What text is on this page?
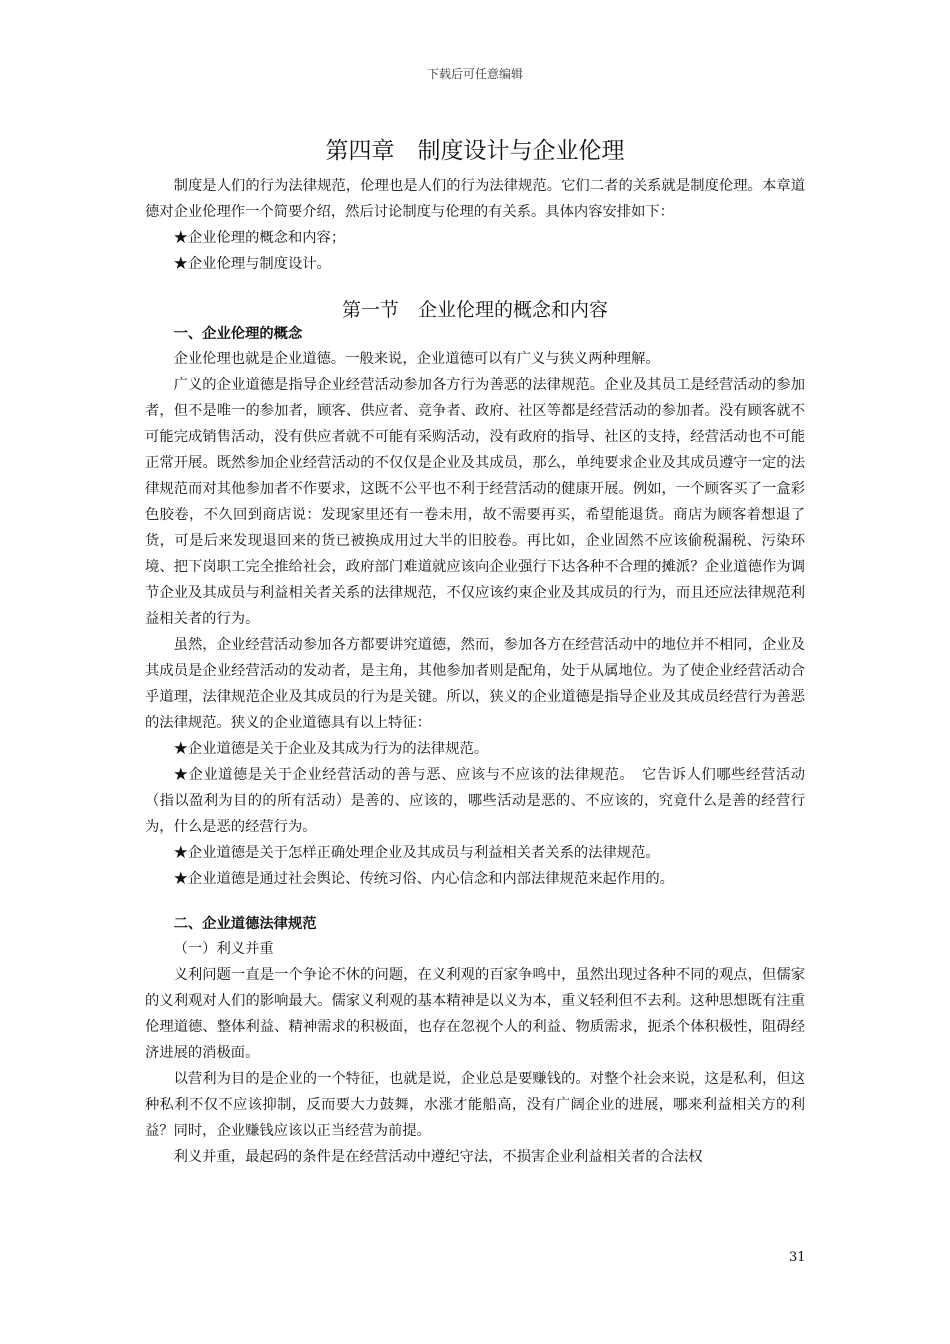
下载后可任意编辑
第四章　制度设计与企业伦理

制度是人们的行为法律规范，伦理也是人们的行为法律规范。它们二者的关系就是制度伦理。本章道德对企业伦理作一个简要介绍，然后讨论制度与伦理的有关系。具体内容安排如下：

★企业伦理的概念和内容；

★企业伦理与制度设计。

第一节　企业伦理的概念和内容
一、企业伦理的概念

企业伦理也就是企业道德。一般来说，企业道德可以有广义与狭义两种理解。

广义的企业道德是指导企业经营活动参加各方行为善恶的法律规范。企业及其员工是经营活动的参加者，但不是唯一的参加者，顾客、供应者、竞争者、政府、社区等都是经营活动的参加者。没有顾客就不可能完成销售活动，没有供应者就不可能有采购活动，没有政府的指导、社区的支持，经营活动也不可能正常开展。既然参加企业经营活动的不仅仅是企业及其成员，那么，单纯要求企业及其成员遵守一定的法律规范而对其他参加者不作要求，这既不公平也不利于经营活动的健康开展。例如，一个顾客买了一盒彩色胶卷，不久回到商店说：发现家里还有一卷未用，故不需要再买，希望能退货。商店为顾客着想退了货，可是后来发现退回来的货已被换成用过大半的旧胶卷。再比如，企业固然不应该偷税漏税、污染环境、把下岗职工完全推给社会，政府部门难道就应该向企业强行下达各种不合理的摊派？企业道德作为调节企业及其成员与利益相关者关系的法律规范，不仅应该约束企业及其成员的行为，而且还应法律规范利益相关者的行为。

虽然，企业经营活动参加各方都要讲究道德，然而，参加各方在经营活动中的地位并不相同，企业及其成员是企业经营活动的发动者，是主角，其他参加者则是配角，处于从属地位。为了使企业经营活动合乎道理，法律规范企业及其成员的行为是关键。所以，狭义的企业道德是指导企业及其成员经营行为善恶的法律规范。狭义的企业道德具有以上特征：

★企业道德是关于企业及其成为行为的法律规范。

★企业道德是关于企业经营活动的善与恶、应该与不应该的法律规范。　它告诉人们哪些经营活动（指以盈利为目的的所有活动）是善的、应该的，哪些活动是恶的、不应该的，究竟什么是善的经营行为，什么是恶的经营行为。

★企业道德是关于怎样正确处理企业及其成员与利益相关者关系的法律规范。

★企业道德是通过社会舆论、传统习俗、内心信念和内部法律规范来起作用的。

二、企业道德法律规范
（一）利义并重

义利问题一直是一个争论不休的问题，在义利观的百家争鸣中，虽然出现过各种不同的观点，但儒家的义利观对人们的影响最大。儒家义利观的基本精神是以义为本，重义轻利但不去利。这种思想既有注重伦理道德、整体利益、精神需求的积极面，也存在忽视个人的利益、物质需求，扼杀个体积极性，阻碍经济进展的消极面。

以营利为目的是企业的一个特征，也就是说，企业总是要赚钱的。对整个社会来说，这是私利，但这种私利不仅不应该抑制，反而要大力鼓舞，水涨才能船高，没有广阔企业的进展，哪来利益相关方的利益？同时，企业赚钱应该以正当经营为前提。

利义并重，最起码的条件是在经营活动中遵纪守法，不损害企业利益相关者的合法权

31
